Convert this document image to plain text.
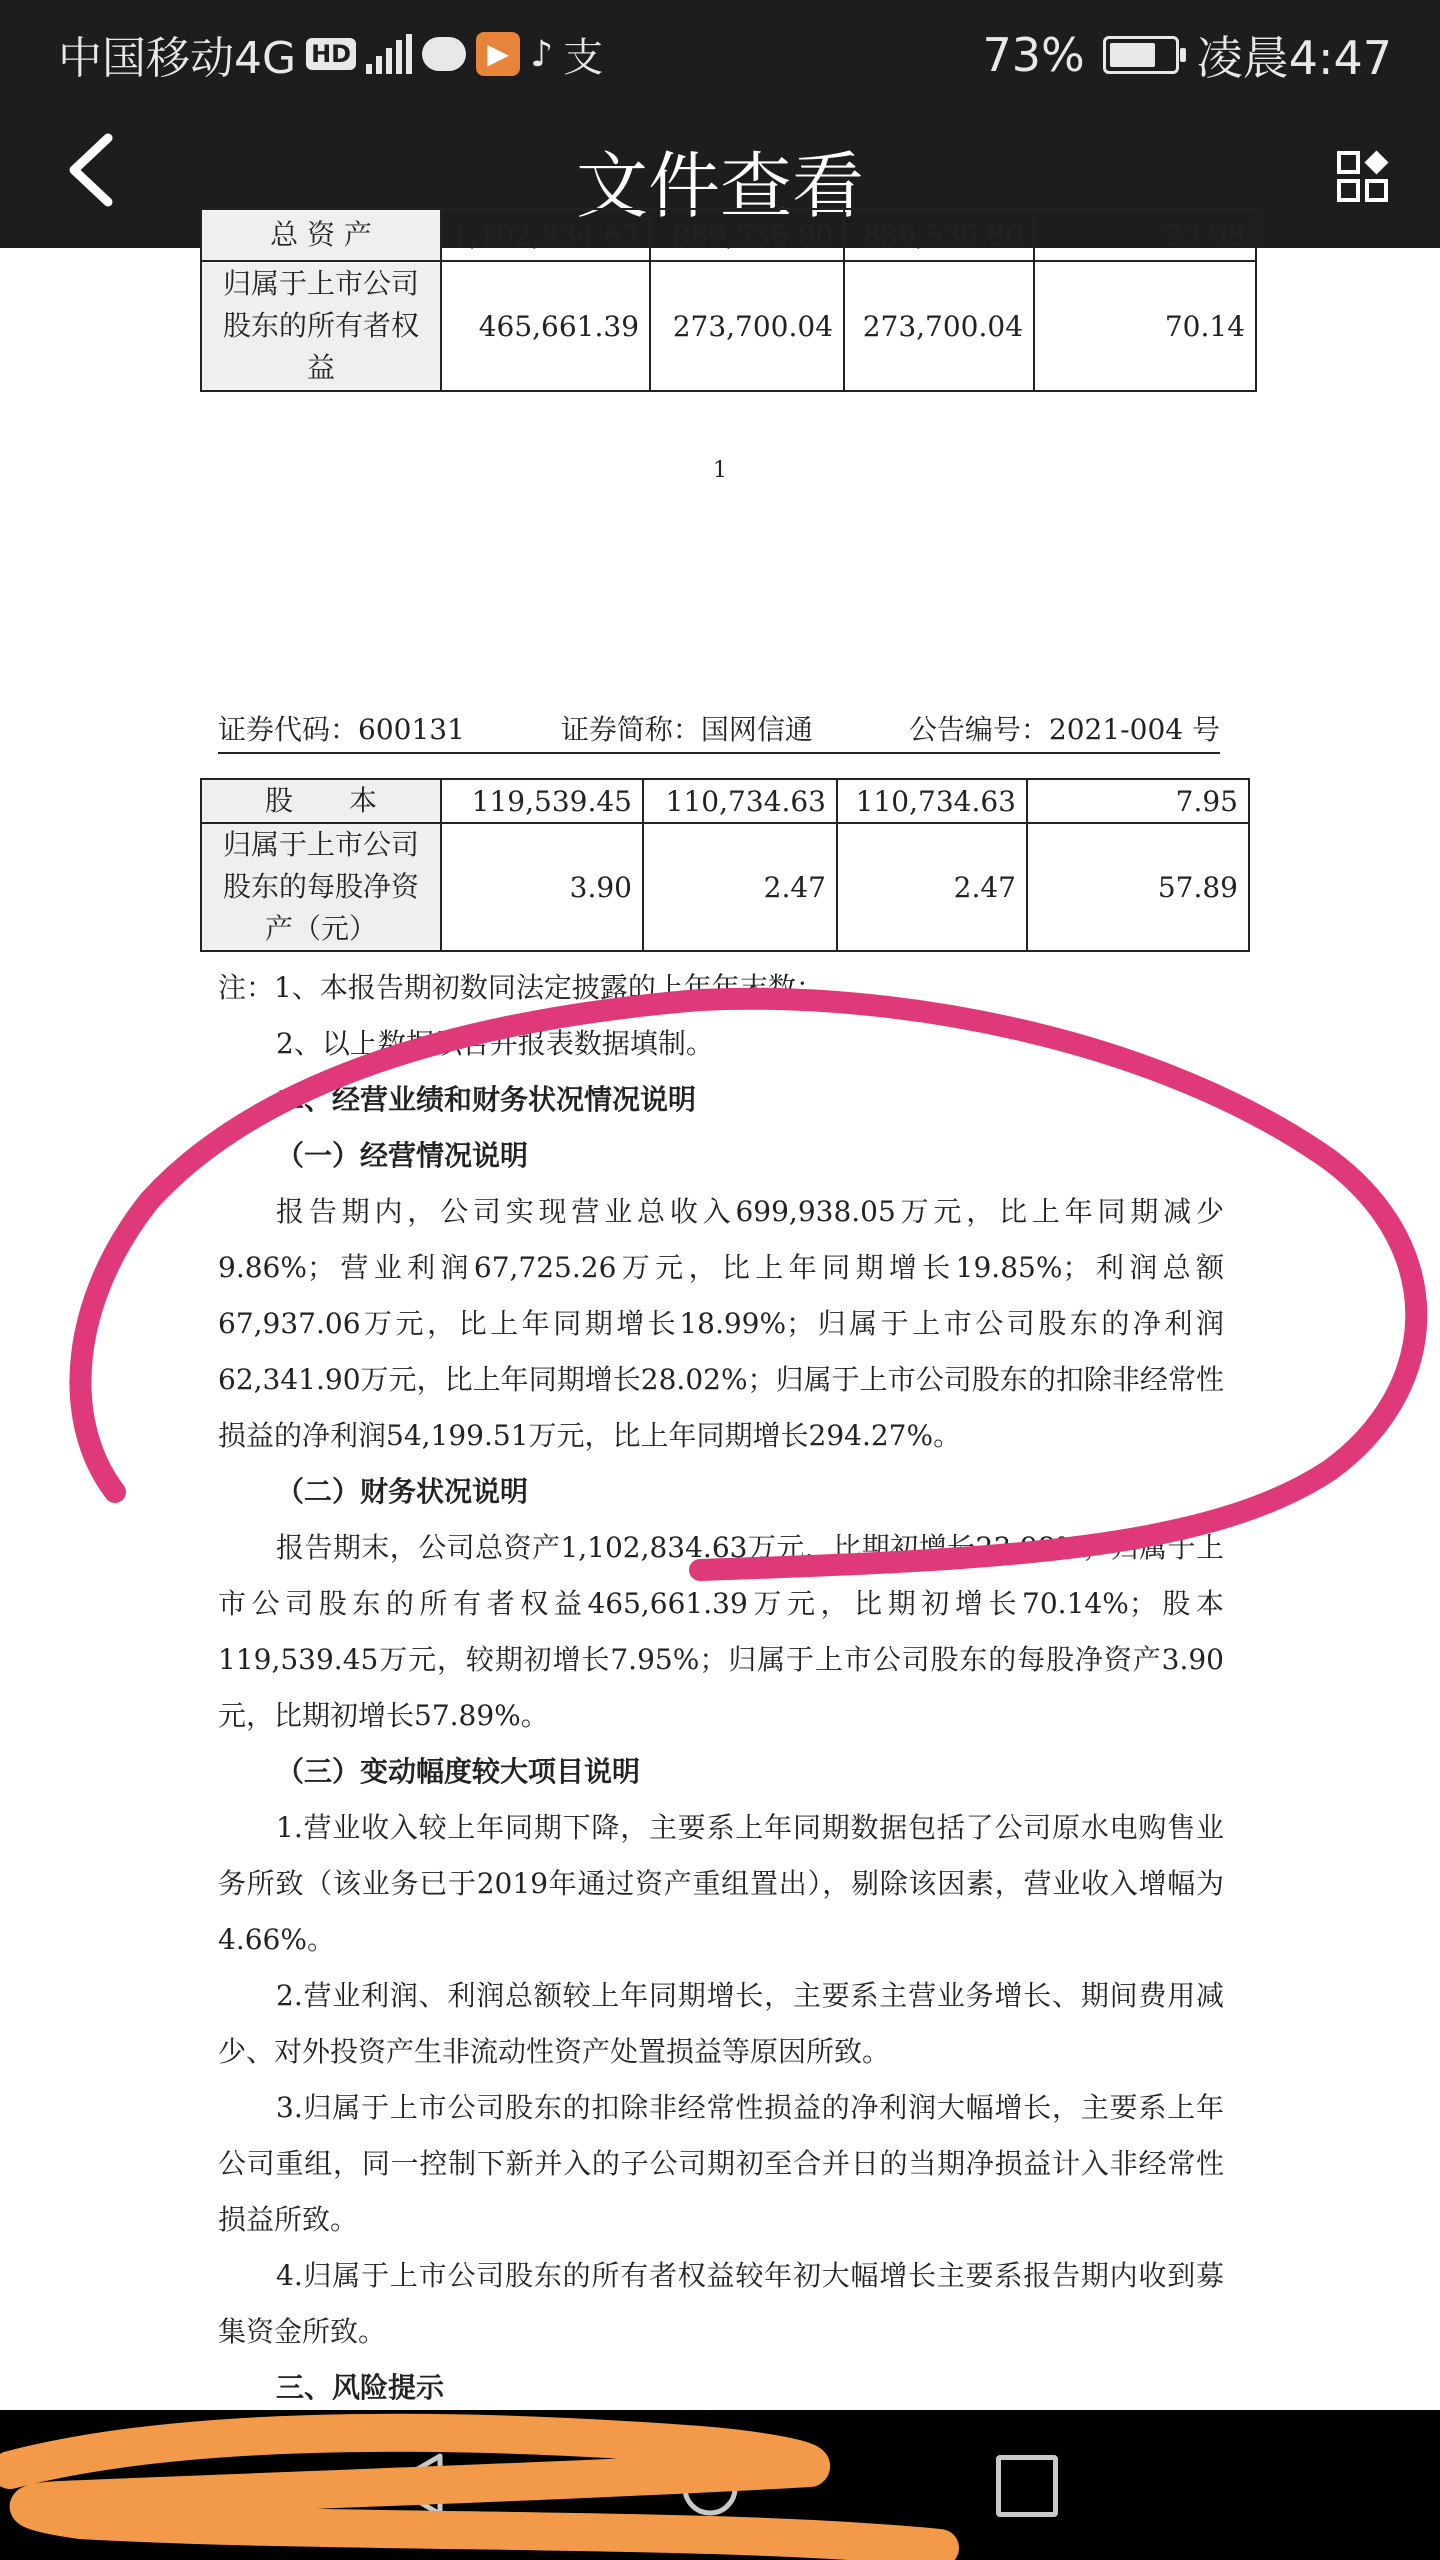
中国移动4G HD	▶ ♪ 支	73% 凌晨4:47
文件查看
总 资 产	1,102,834.63	889,536.80	889,536.80	23.98
归属于上市公司股东的所有者权益	465,661.39	273,700.04	273,700.04	70.14
1
证券代码：600131	证券简称：国网信通	公告编号：2021-004 号
股　　本	119,539.45	110,734.63	110,734.63	7.95
归属于上市公司股东的每股净资产（元）	3.90	2.47	2.47	57.89
注：1、本报告期初数同法定披露的上年年末数；
2、以上数据以合并报表数据填制。
二、经营业绩和财务状况情况说明
（一）经营情况说明
报告期内，公司实现营业总收入699,938.05万元，比上年同期减少9.86%；营业利润67,725.26万元，比上年同期增长19.85%；利润总额67,937.06万元，比上年同期增长18.99%；归属于上市公司股东的净利润62,341.90万元，比上年同期增长28.02%；归属于上市公司股东的扣除非经常性损益的净利润54,199.51万元，比上年同期增长294.27%。
（二）财务状况说明
报告期末，公司总资产1,102,834.63万元，比期初增长23.98%；归属于上市公司股东的所有者权益465,661.39万元，比期初增长70.14%；股本119,539.45万元，较期初增长7.95%；归属于上市公司股东的每股净资产3.90元，比期初增长57.89%。
（三）变动幅度较大项目说明
1.营业收入较上年同期下降，主要系上年同期数据包括了公司原水电购售业务所致（该业务已于2019年通过资产重组置出），剔除该因素，营业收入增幅为4.66%。
2.营业利润、利润总额较上年同期增长，主要系主营业务增长、期间费用减少、对外投资产生非流动性资产处置损益等原因所致。
3.归属于上市公司股东的扣除非经常性损益的净利润大幅增长，主要系上年公司重组，同一控制下新并入的子公司期初至合并日的当期净损益计入非经常性损益所致。
4.归属于上市公司股东的所有者权益较年初大幅增长主要系报告期内收到募集资金所致。
三、风险提示
